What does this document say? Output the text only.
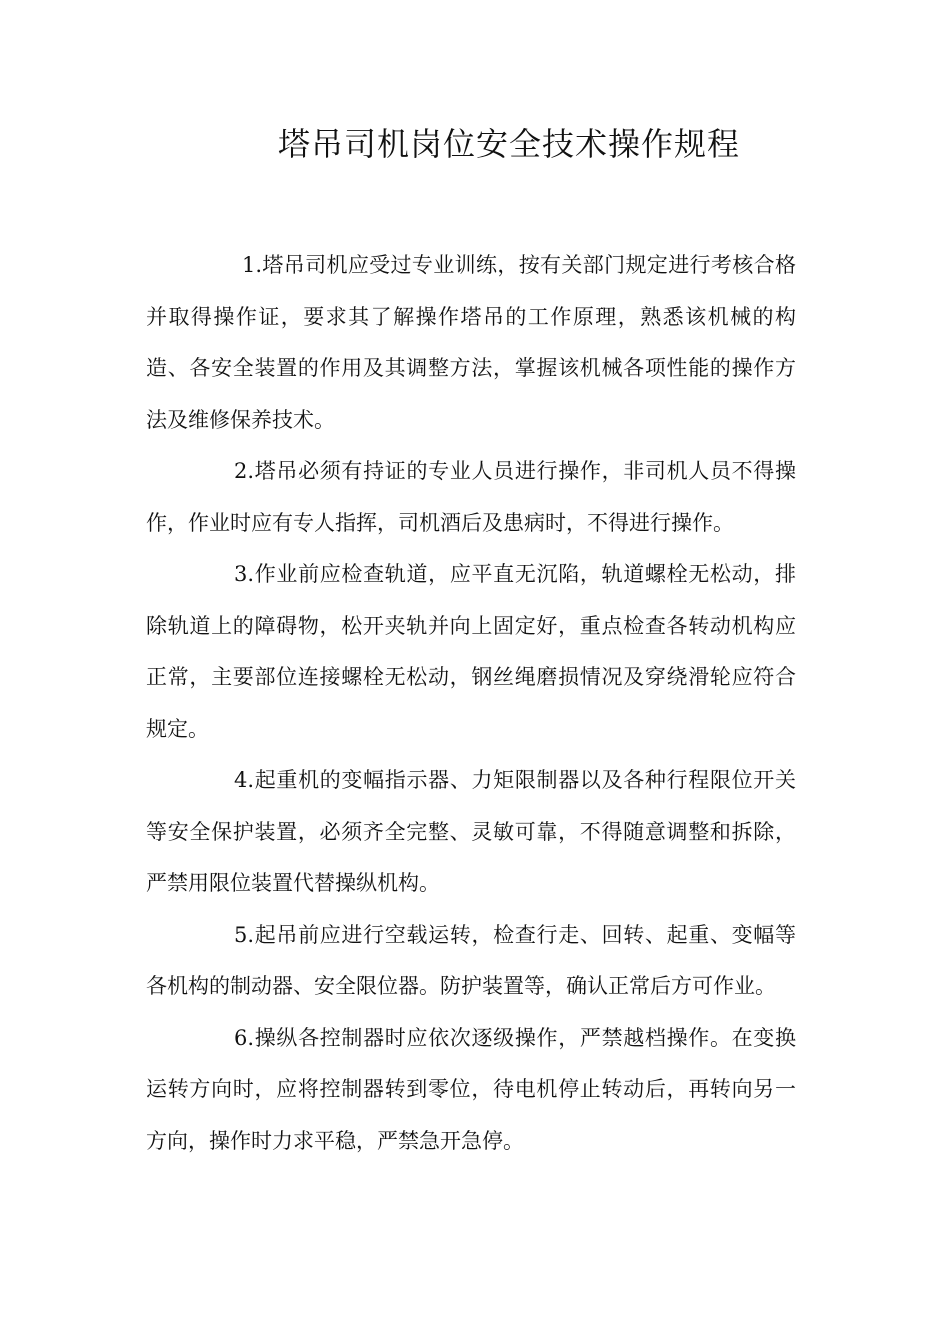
塔吊司机岗位安全技术操作规程

1.塔吊司机应受过专业训练，按有关部门规定进行考核合格并取得操作证，要求其了解操作塔吊的工作原理，熟悉该机械的构造、各安全装置的作用及其调整方法，掌握该机械各项性能的操作方法及维修保养技术。

2.塔吊必须有持证的专业人员进行操作，非司机人员不得操作，作业时应有专人指挥，司机酒后及患病时，不得进行操作。

3.作业前应检查轨道，应平直无沉陷，轨道螺栓无松动，排除轨道上的障碍物，松开夹轨并向上固定好，重点检查各转动机构应正常，主要部位连接螺栓无松动，钢丝绳磨损情况及穿绕滑轮应符合规定。

4.起重机的变幅指示器、力矩限制器以及各种行程限位开关等安全保护装置，必须齐全完整、灵敏可靠，不得随意调整和拆除，严禁用限位装置代替操纵机构。

5.起吊前应进行空载运转，检查行走、回转、起重、变幅等各机构的制动器、安全限位器。防护装置等，确认正常后方可作业。

6.操纵各控制器时应依次逐级操作，严禁越档操作。在变换运转方向时，应将控制器转到零位，待电机停止转动后，再转向另一方向，操作时力求平稳，严禁急开急停。
